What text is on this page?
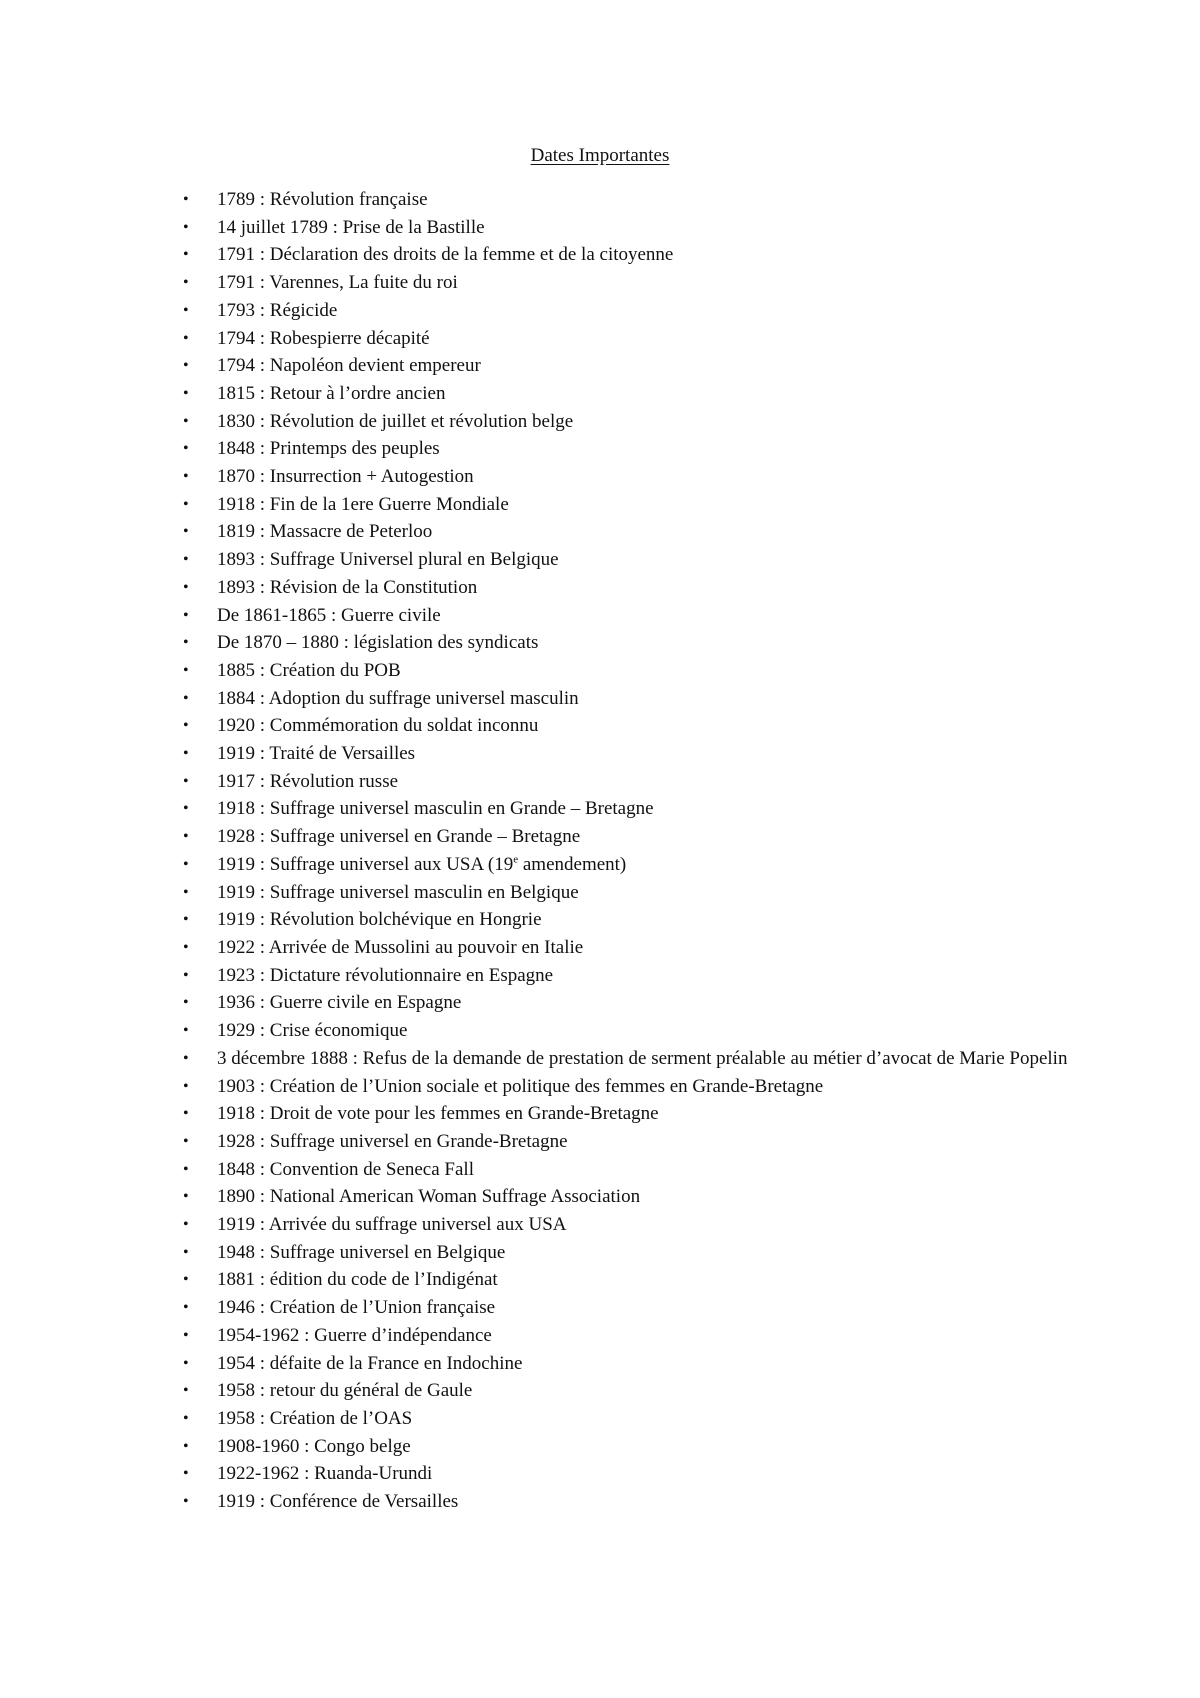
Dates Importantes
• 1789 : Révolution française
• 14 juillet 1789 : Prise de la Bastille
• 1791 : Déclaration des droits de la femme et de la citoyenne
• 1791 : Varennes, La fuite du roi
• 1793 : Régicide
• 1794 : Robespierre décapité
• 1794 : Napoléon devient empereur
• 1815 : Retour à l’ordre ancien
• 1830 : Révolution de juillet et révolution belge
• 1848 : Printemps des peuples
• 1870 : Insurrection + Autogestion
• 1918 : Fin de la 1ere Guerre Mondiale
• 1819 : Massacre de Peterloo
• 1893 : Suffrage Universel plural en Belgique
• 1893 : Révision de la Constitution
• De 1861-1865 : Guerre civile
• De 1870 – 1880 : législation des syndicats
• 1885 : Création du POB
• 1884 : Adoption du suffrage universel masculin
• 1920 : Commémoration du soldat inconnu
• 1919 : Traité de Versailles
• 1917 : Révolution russe
• 1918 : Suffrage universel masculin en Grande – Bretagne
• 1928 : Suffrage universel en Grande – Bretagne
• 1919 : Suffrage universel aux USA (19e amendement)
• 1919 : Suffrage universel masculin en Belgique
• 1919 : Révolution bolchévique en Hongrie
• 1922 : Arrivée de Mussolini au pouvoir en Italie
• 1923 : Dictature révolutionnaire en Espagne
• 1936 : Guerre civile en Espagne
• 1929 : Crise économique
• 3 décembre 1888 : Refus de la demande de prestation de serment préalable au métier d’avocat de Marie Popelin
• 1903 : Création de l’Union sociale et politique des femmes en Grande-Bretagne
• 1918 : Droit de vote pour les femmes en Grande-Bretagne
• 1928 : Suffrage universel en Grande-Bretagne
• 1848 : Convention de Seneca Fall
• 1890 : National American Woman Suffrage Association
• 1919 : Arrivée du suffrage universel aux USA
• 1948 : Suffrage universel en Belgique
• 1881 : édition du code de l’Indigénat
• 1946 : Création de l’Union française
• 1954-1962 : Guerre d’indépendance
• 1954 : défaite de la France en Indochine
• 1958 : retour du général de Gaule
• 1958 : Création de l’OAS
• 1908-1960 : Congo belge
• 1922-1962 : Ruanda-Urundi
• 1919 : Conférence de Versailles
